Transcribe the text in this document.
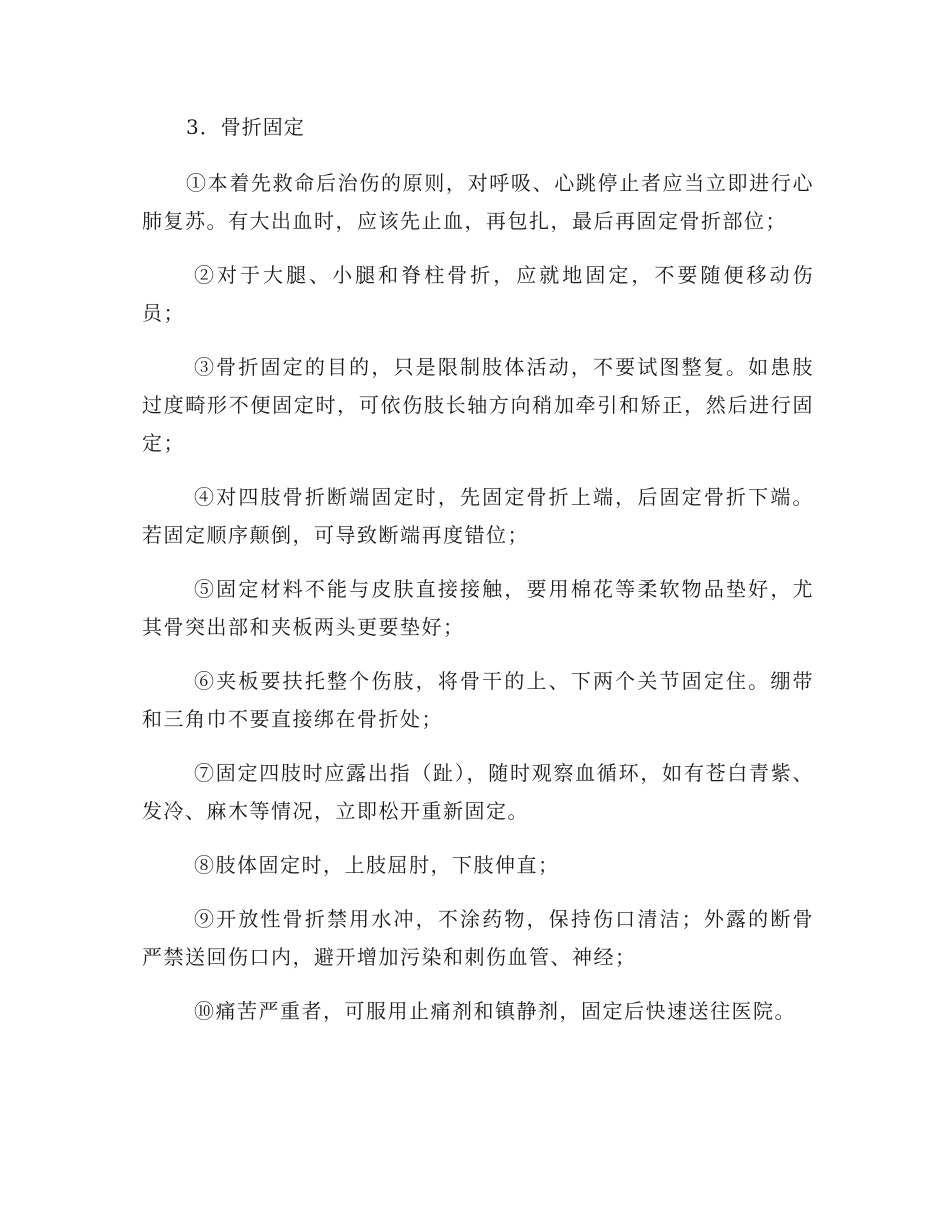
3．骨折固定

①本着先救命后治伤的原则，对呼吸、心跳停止者应当立即进行心肺复苏。有大出血时，应该先止血，再包扎，最后再固定骨折部位；

②对于大腿、小腿和脊柱骨折，应就地固定，不要随便移动伤员；

③骨折固定的目的，只是限制肢体活动，不要试图整复。如患肢过度畸形不便固定时，可依伤肢长轴方向稍加牵引和矫正，然后进行固定；

④对四肢骨折断端固定时，先固定骨折上端，后固定骨折下端。若固定顺序颠倒，可导致断端再度错位；

⑤固定材料不能与皮肤直接接触，要用棉花等柔软物品垫好，尤其骨突出部和夹板两头更要垫好；

⑥夹板要扶托整个伤肢，将骨干的上、下两个关节固定住。绷带和三角巾不要直接绑在骨折处；

⑦固定四肢时应露出指（趾），随时观察血循环，如有苍白青紫、发冷、麻木等情况，立即松开重新固定。

⑧肢体固定时，上肢屈肘，下肢伸直；

⑨开放性骨折禁用水冲，不涂药物，保持伤口清洁；外露的断骨严禁送回伤口内，避开增加污染和刺伤血管、神经；

⑩痛苦严重者，可服用止痛剂和镇静剂，固定后快速送往医院。
